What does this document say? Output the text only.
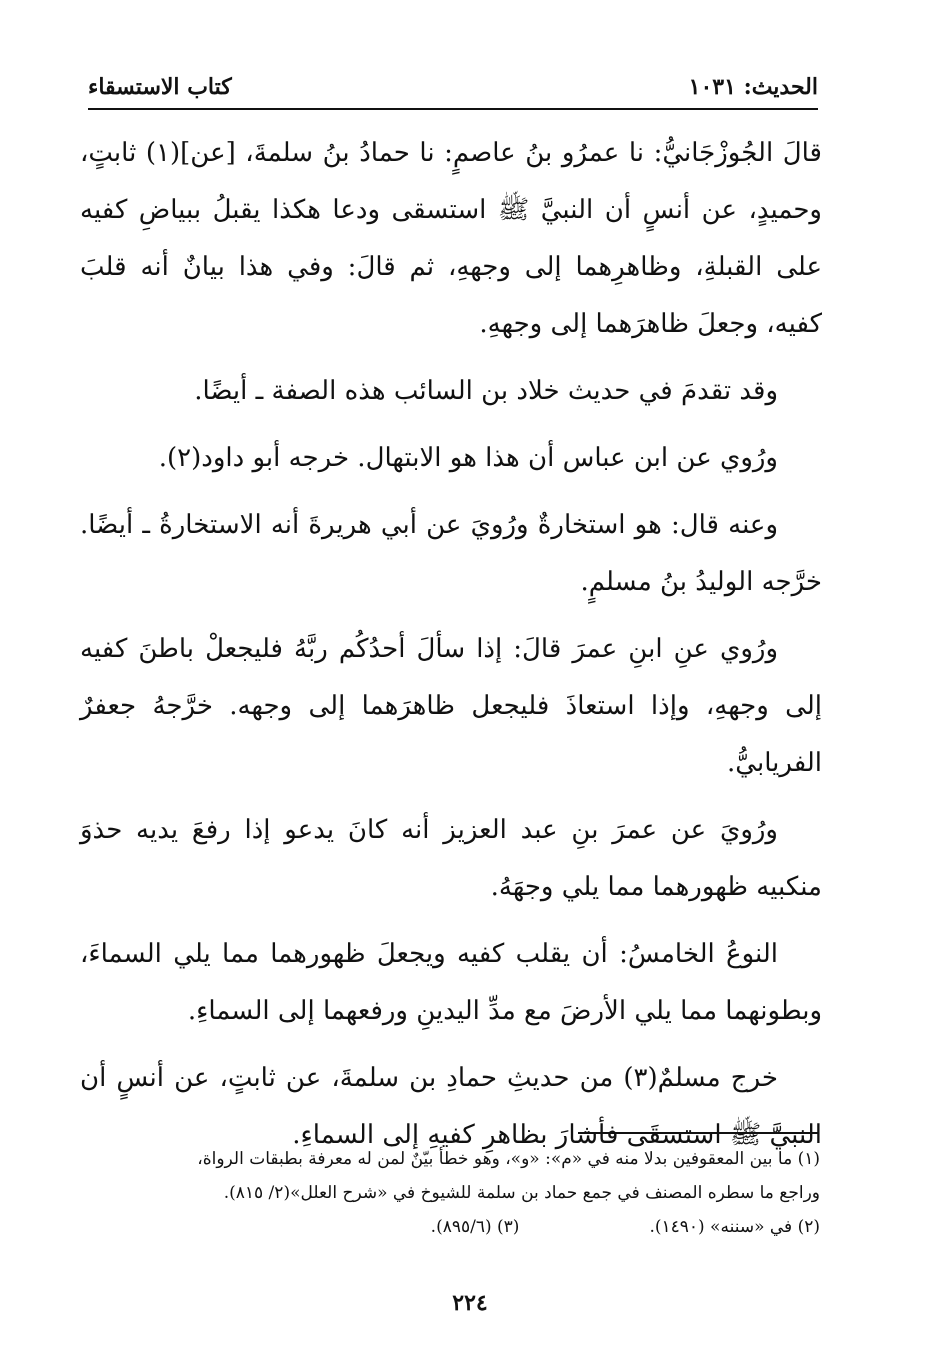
الحديث: ١٠٣١
كتاب الاستسقاء

قالَ الجُوزْجَانيُّ: نا عمرُو بنُ عاصمٍ: نا حمادُ بنُ سلمةَ، [عن](١) ثابتٍ، وحميدٍ، عن أنسٍ أن النبيَّ ﷺ استسقى ودعا هكذا يقبلُ ببياضِ كفيه على القبلةِ، وظاهرِهما إلى وجههِ، ثم قالَ: وفي هذا بيانٌ أنه قلبَ كفيه، وجعلَ ظاهرَهما إلى وجههِ.

وقد تقدمَ في حديث خلاد بن السائب هذه الصفة ـ أيضًا.

ورُوي عن ابن عباس أن هذا هو الابتهال. خرجه أبو داود(٢).

وعنه قال: هو استخارةٌ ورُويَ عن أبي هريرةَ أنه الاستخارةُ ـ أيضًا. خرَّجه الوليدُ بنُ مسلمٍ.

ورُوي عنِ ابنِ عمرَ قالَ: إذا سألَ أحدُكُم ربَّهُ فليجعلْ باطنَ كفيه إلى وجههِ، وإذا استعاذَ فليجعل ظاهرَهما إلى وجهه. خرَّجهُ جعفرٌ الفريابيُّ.

ورُويَ عن عمرَ بنِ عبد العزيز أنه كانَ يدعو إذا رفعَ يديه حذوَ منكبيه ظهورهما مما يلي وجهَهُ.

النوعُ الخامسُ: أن يقلب كفيه ويجعلَ ظهورهما مما يلي السماءَ، وبطونهما مما يلي الأرضَ مع مدِّ اليدينِ ورفعهما إلى السماءِ.

خرج مسلمٌ(٣) من حديثِ حمادِ بن سلمةَ، عن ثابتٍ، عن أنسٍ أن النبيَّ ﷺ استسقَى فأشارَ بظاهرِ كفيهِ إلى السماءِ.

(١) ما بين المعقوفين بدلا منه في «م»: «و»، وهو خطأ بيّنٌ لمن له معرفة بطبقات الرواة،
وراجع ما سطره المصنف في جمع حماد بن سلمة للشيوخ في «شرح العلل»(٢/ ٨١٥).
(٢) في «سننه» (١٤٩٠).
(٣) (٨٩٥/٦).
٢٢٤
